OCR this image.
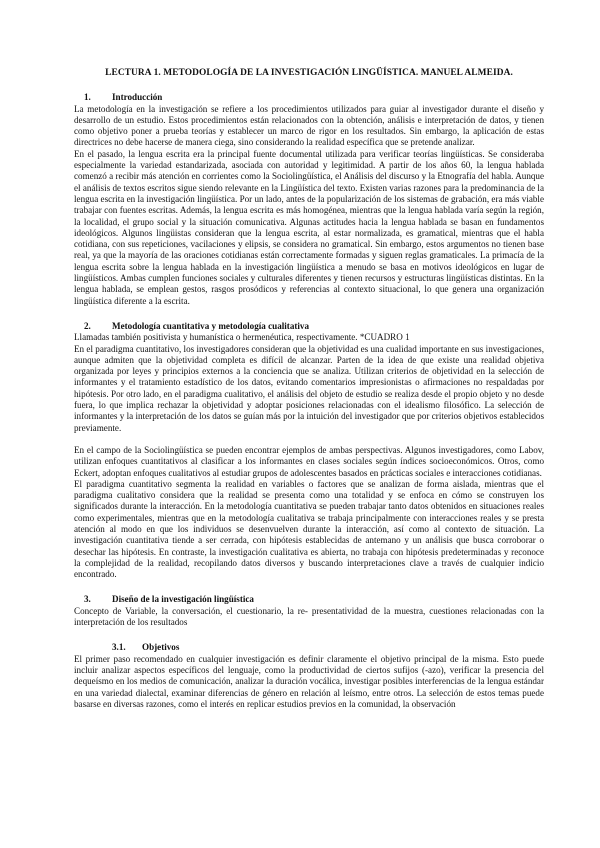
LECTURA 1. METODOLOGÍA DE LA INVESTIGACIÓN LINGÜÍSTICA. MANUEL ALMEIDA.
1. Introducción

La metodología en la investigación se refiere a los procedimientos utilizados para guiar al investigador durante el diseño y desarrollo de un estudio. Estos procedimientos están relacionados con la obtención, análisis e interpretación de datos, y tienen como objetivo poner a prueba teorías y establecer un marco de rigor en los resultados. Sin embargo, la aplicación de estas directrices no debe hacerse de manera ciega, sino considerando la realidad específica que se pretende analizar.

En el pasado, la lengua escrita era la principal fuente documental utilizada para verificar teorías lingüísticas. Se consideraba especialmente la variedad estandarizada, asociada con autoridad y legitimidad. A partir de los años 60, la lengua hablada comenzó a recibir más atención en corrientes como la Sociolingüística, el Análisis del discurso y la Etnografía del habla. Aunque el análisis de textos escritos sigue siendo relevante en la Lingüística del texto. Existen varias razones para la predominancia de la lengua escrita en la investigación lingüística. Por un lado, antes de la popularización de los sistemas de grabación, era más viable trabajar con fuentes escritas. Además, la lengua escrita es más homogénea, mientras que la lengua hablada varía según la región, la localidad, el grupo social y la situación comunicativa. Algunas actitudes hacia la lengua hablada se basan en fundamentos ideológicos. Algunos lingüistas consideran que la lengua escrita, al estar normalizada, es gramatical, mientras que el habla cotidiana, con sus repeticiones, vacilaciones y elipsis, se considera no gramatical. Sin embargo, estos argumentos no tienen base real, ya que la mayoría de las oraciones cotidianas están correctamente formadas y siguen reglas gramaticales. La primacía de la lengua escrita sobre la lengua hablada en la investigación lingüística a menudo se basa en motivos ideológicos en lugar de lingüísticos. Ambas cumplen funciones sociales y culturales diferentes y tienen recursos y estructuras lingüísticas distintas. En la lengua hablada, se emplean gestos, rasgos prosódicos y referencias al contexto situacional, lo que genera una organización lingüística diferente a la escrita.

2. Metodología cuantitativa y metodología cualitativa

Llamadas también positivista y humanística o hermenéutica, respectivamente. *CUADRO 1

En el paradigma cuantitativo, los investigadores consideran que la objetividad es una cualidad importante en sus investigaciones, aunque admiten que la objetividad completa es difícil de alcanzar. Parten de la idea de que existe una realidad objetiva organizada por leyes y principios externos a la conciencia que se analiza. Utilizan criterios de objetividad en la selección de informantes y el tratamiento estadístico de los datos, evitando comentarios impresionistas o afirmaciones no respaldadas por hipótesis. Por otro lado, en el paradigma cualitativo, el análisis del objeto de estudio se realiza desde el propio objeto y no desde fuera, lo que implica rechazar la objetividad y adoptar posiciones relacionadas con el idealismo filosófico. La selección de informantes y la interpretación de los datos se guían más por la intuición del investigador que por criterios objetivos establecidos previamente.

En el campo de la Sociolingüística se pueden encontrar ejemplos de ambas perspectivas. Algunos investigadores, como Labov, utilizan enfoques cuantitativos al clasificar a los informantes en clases sociales según índices socioeconómicos. Otros, como Eckert, adoptan enfoques cualitativos al estudiar grupos de adolescentes basados en prácticas sociales e interacciones cotidianas.

El paradigma cuantitativo segmenta la realidad en variables o factores que se analizan de forma aislada, mientras que el paradigma cualitativo considera que la realidad se presenta como una totalidad y se enfoca en cómo se construyen los significados durante la interacción. En la metodología cuantitativa se pueden trabajar tanto datos obtenidos en situaciones reales como experimentales, mientras que en la metodología cualitativa se trabaja principalmente con interacciones reales y se presta atención al modo en que los individuos se desenvuelven durante la interacción, así como al contexto de situación. La investigación cuantitativa tiende a ser cerrada, con hipótesis establecidas de antemano y un análisis que busca corroborar o desechar las hipótesis. En contraste, la investigación cualitativa es abierta, no trabaja con hipótesis predeterminadas y reconoce la complejidad de la realidad, recopilando datos diversos y buscando interpretaciones clave a través de cualquier indicio encontrado.

3. Diseño de la investigación lingüística

Concepto de Variable, la conversación, el cuestionario, la re- presentatividad de la muestra, cuestiones relacionadas con la interpretación de los resultados

3.1. Objetivos

El primer paso recomendado en cualquier investigación es definir claramente el objetivo principal de la misma. Esto puede incluir analizar aspectos específicos del lenguaje, como la productividad de ciertos sufijos (-azo), verificar la presencia del dequeísmo en los medios de comunicación, analizar la duración vocálica, investigar posibles interferencias de la lengua estándar en una variedad dialectal, examinar diferencias de género en relación al leísmo, entre otros. La selección de estos temas puede basarse en diversas razones, como el interés en replicar estudios previos en la comunidad, la observación
